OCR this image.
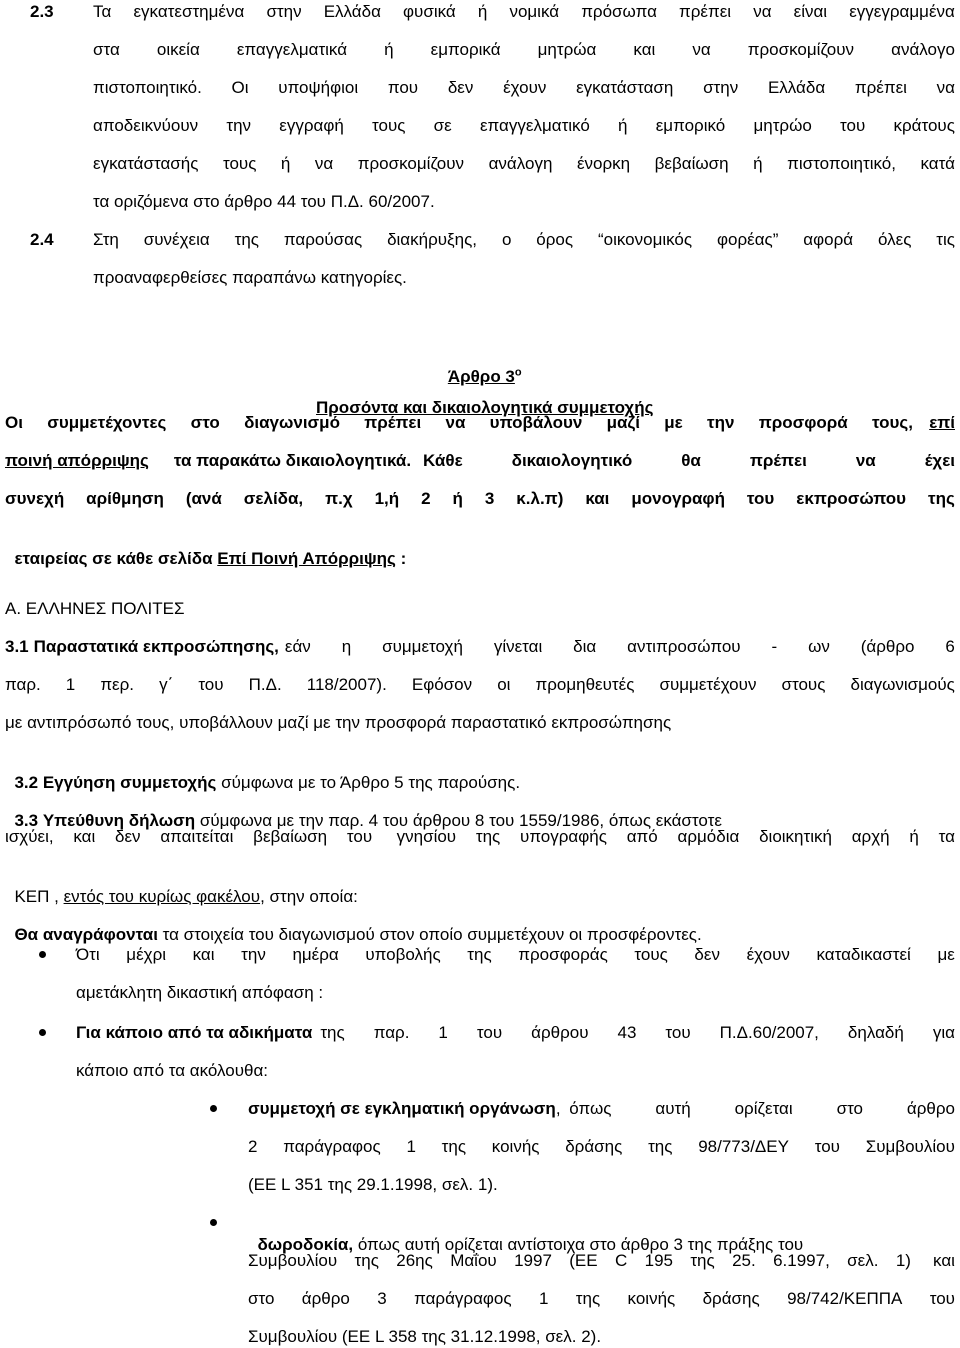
2.3 Τα εγκατεστημένα στην Ελλάδα φυσικά ή νομικά πρόσωπα πρέπει να είναι εγγεγραμμένα
στα οικεία επαγγελματικά ή εμπορικά μητρώα και να προσκομίζουν ανάλογο
πιστοποιητικό. Οι υποψήφιοι που δεν έχουν εγκατάσταση στην Ελλάδα πρέπει να
αποδεικνύουν την εγγραφή τους σε επαγγελματικό ή εμπορικό μητρώο του κράτους
εγκατάστασής τους ή να προσκομίζουν ανάλογη ένορκη βεβαίωση ή πιστοποιητικό, κατά
τα οριζόμενα στο άρθρο 44 του Π.Δ. 60/2007.
2.4 Στη συνέχεια της παρούσας διακήρυξης, ο όρος “οικονομικός φορέας” αφορά όλες τις
προαναφερθείσες παραπάνω κατηγορίες.

Άρθρο $3^o$

Προσόντα και δικαιολογητικά συμμετοχής

Οι συμμετέχοντες στο διαγωνισμό πρέπει να υποβάλουν μαζί με την προσφορά τους, επί
ποινή απόρριψης τα παρακάτω δικαιολογητικά. Κάθε	δικαιολογητικό	θα	πρέπει	να	έχει
συνεχή αρίθμηση (ανά σελίδα, π.χ 1,ή 2 ή 3 κ.λ.π) και μονογραφή του εκπροσώπου της

εταιρείας σε κάθε σελίδα Επί Ποινή Απόρριψης :

Α. ΕΛΛΗΝΕΣ ΠΟΛΙΤΕΣ
3.1 Παραστατικά εκπροσώπησης, εάν η συμμετοχή γίνεται δια αντιπροσώπου - ων (άρθρο 6
παρ. 1 περ. γ΄ του Π.Δ. 118/2007). Εφόσον οι προμηθευτές συμμετέχουν στους διαγωνισμούς
με αντιπρόσωπό τους, υποβάλλουν μαζί με την προσφορά παραστατικό εκπροσώπησης

3.2 Εγγύηση συμμετοχής σύμφωνα με το Άρθρο 5 της παρούσης.

3.3 Υπεύθυνη δήλωση σύμφωνα με την παρ. 4 του άρθρου 8 του 1559/1986, όπως εκάστοτε

ισχύει, και δεν απαιτείται βεβαίωση του γνησίου της υπογραφής από αρμόδια διοικητική αρχή ή τα

ΚΕΠ , εντός του κυρίως φακέλου, στην οποία:

Θα αναγράφονται τα στοιχεία του διαγωνισμού στον οποίο συμμετέχουν οι προσφέροντες.

Ότι μέχρι και την ημέρα υποβολής της προσφοράς τους δεν έχουν καταδικαστεί με
αμετάκλητη δικαστική απόφαση :
Για κάποιο από τα αδικήματα της παρ. 1 του άρθρου 43 του Π.Δ.60/2007, δηλαδή για
κάποιο από τα ακόλουθα:
συμμετοχή σε εγκληματική οργάνωση , όπως	αυτή	ορίζεται	στο	άρθρο
2 παράγραφος 1 της κοινής δράσης της 98/773/ΔΕΥ του Συμβουλίου
(ΕΕ L 351 της 29.1.1998, σελ. 1).

δωροδοκία, όπως αυτή ορίζεται αντίστοιχα στο άρθρο 3 της πράξης του

Συμβουλίου της 26ης Μαΐου 1997 (ΕΕ C 195 της 25. 6.1997, σελ. 1) και
στο άρθρο 3 παράγραφος 1 της κοινής δράσης 98/742/ΚΕΠΠΑ του
Συμβουλίου (ΕΕ L 358 της 31.12.1998, σελ. 2).
